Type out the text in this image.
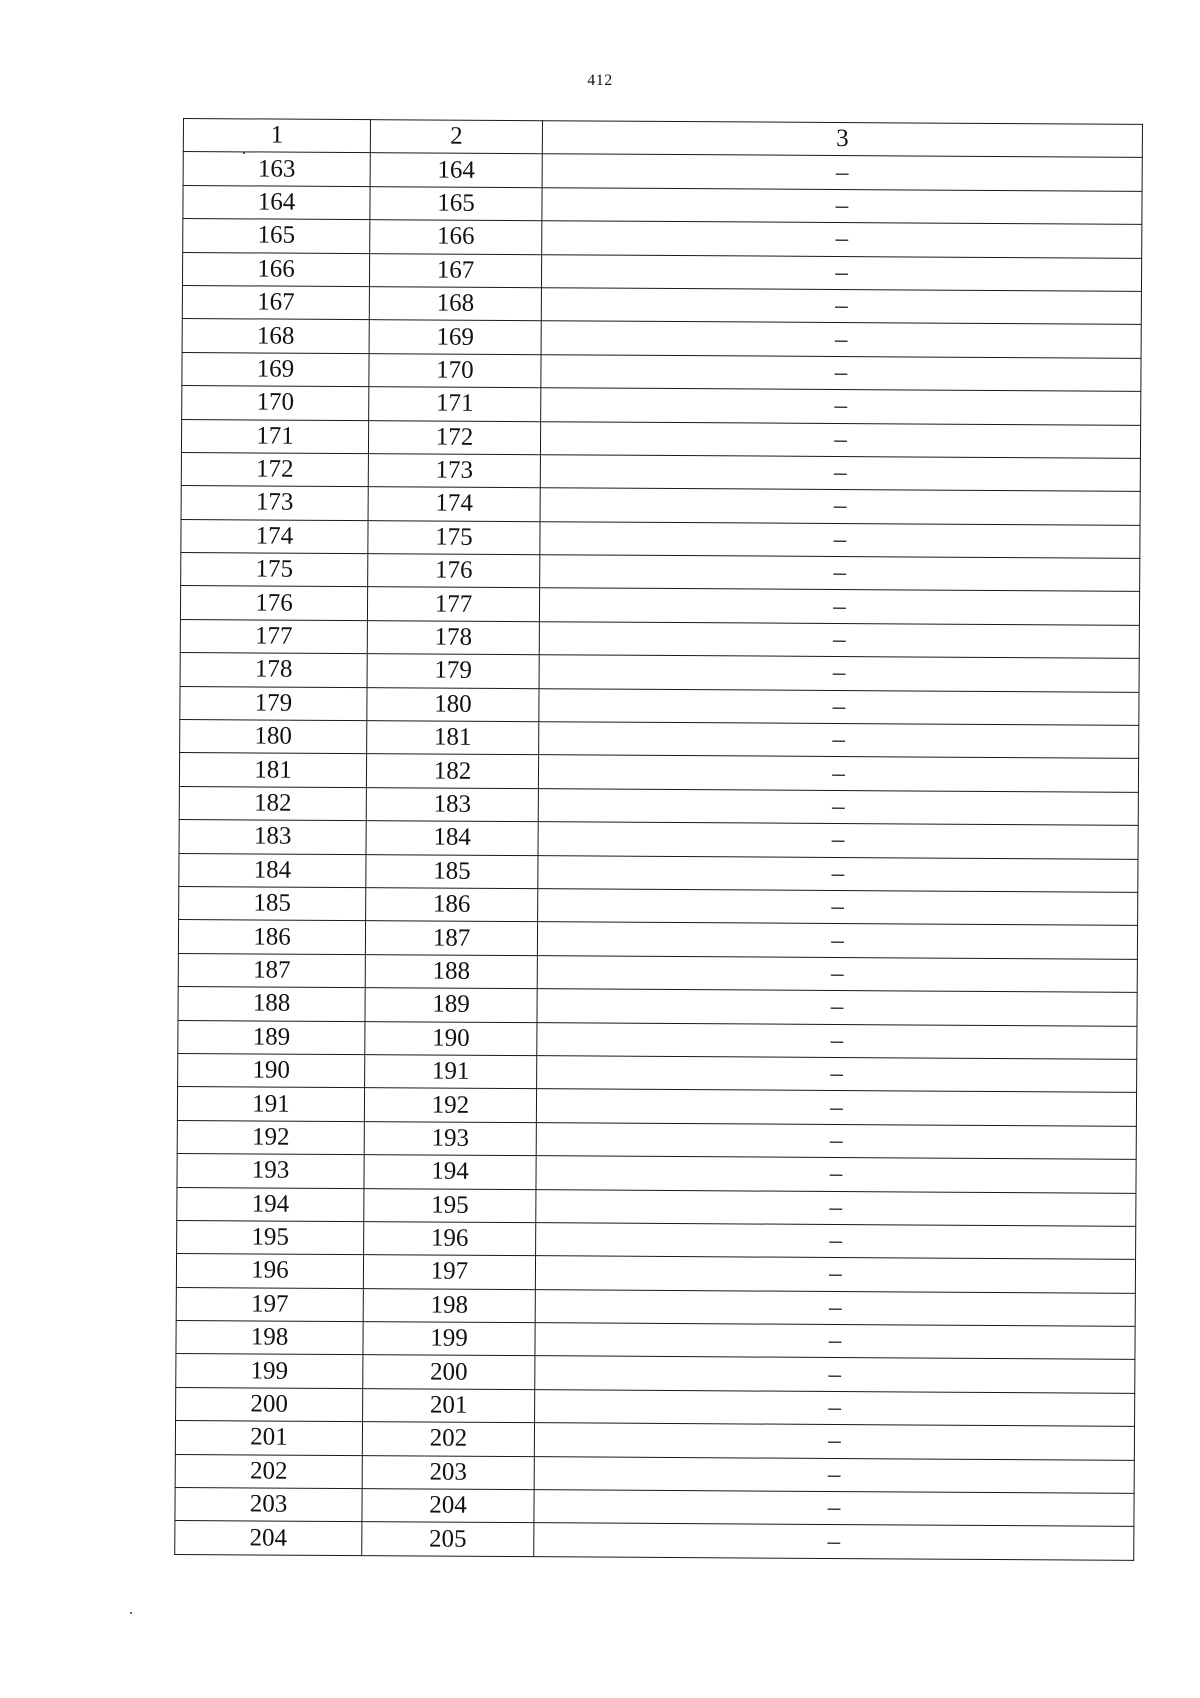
412
1	2	3
163	164	–
164	165	–
165	166	–
166	167	–
167	168	–
168	169	–
169	170	–
170	171	–
171	172	–
172	173	–
173	174	–
174	175	–
175	176	–
176	177	–
177	178	–
178	179	–
179	180	–
180	181	–
181	182	–
182	183	–
183	184	–
184	185	–
185	186	–
186	187	–
187	188	–
188	189	–
189	190	–
190	191	–
191	192	–
192	193	–
193	194	–
194	195	–
195	196	–
196	197	–
197	198	–
198	199	–
199	200	–
200	201	–
201	202	–
202	203	–
203	204	–
204	205	–
